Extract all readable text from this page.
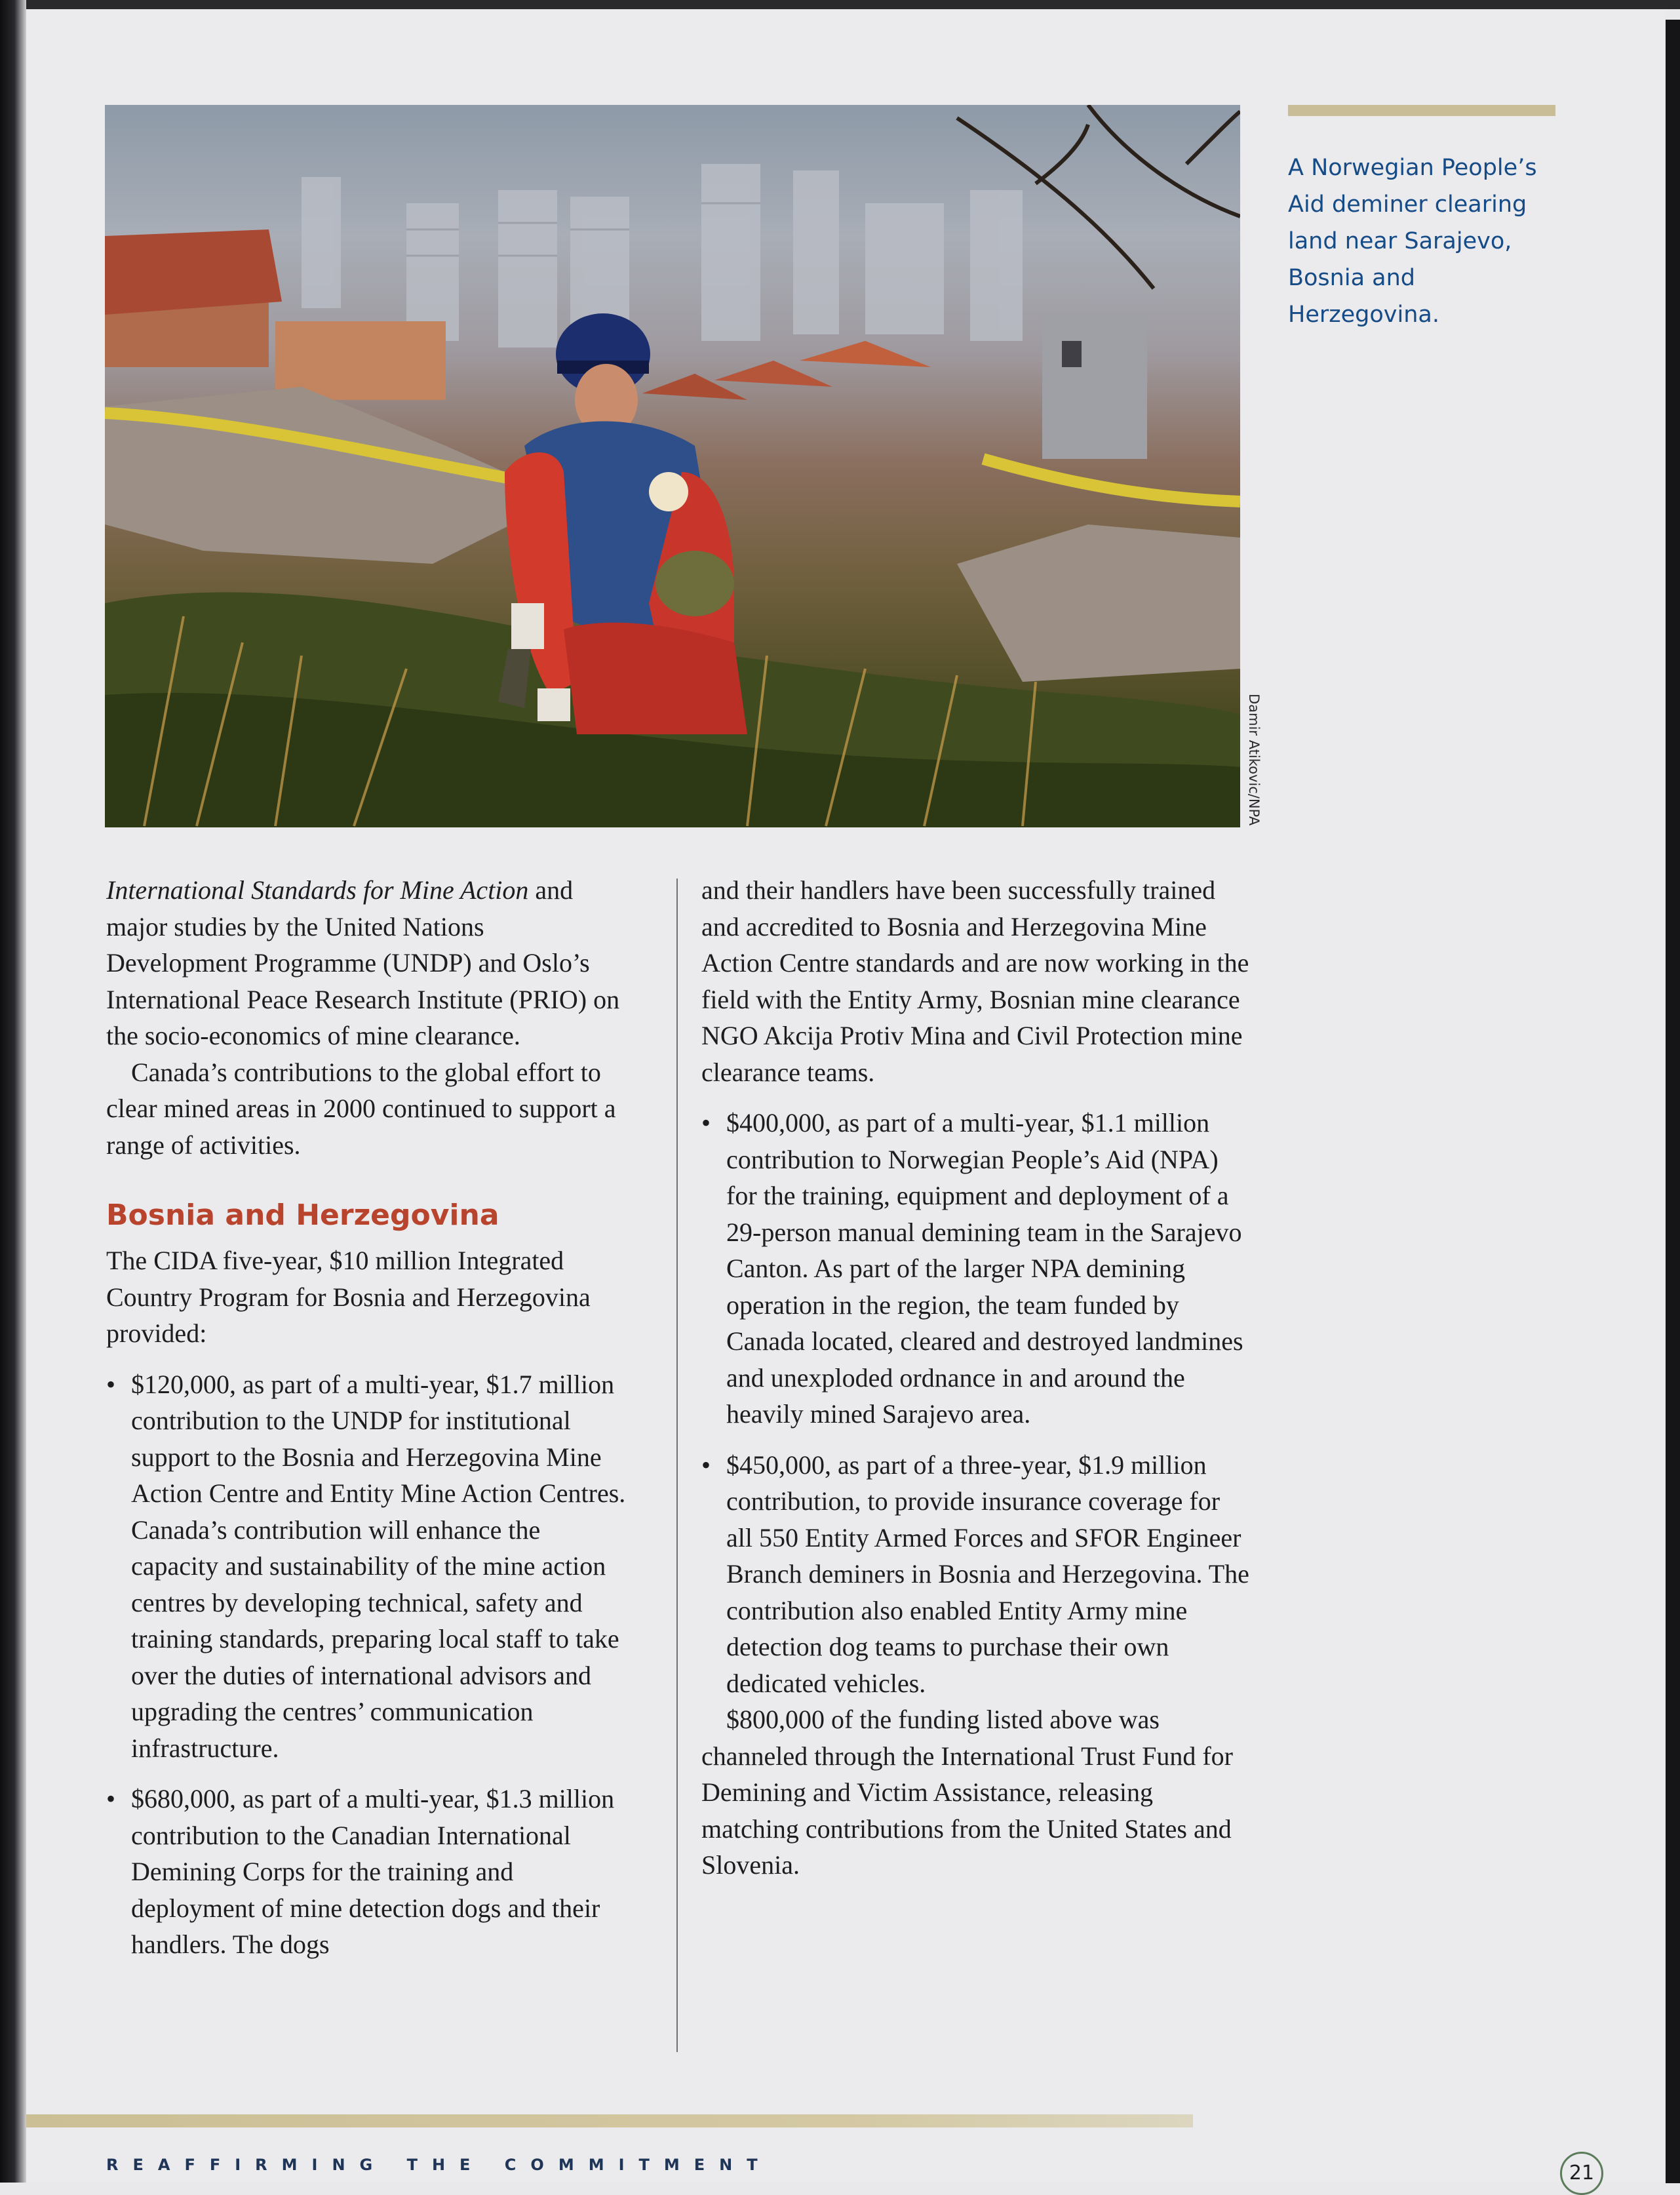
Damir Atikovic/NPA
A Norwegian People’s Aid deminer clearing land near Sarajevo, Bosnia and Herzegovina.

International Standards for Mine Action and major studies by the United Nations Development Programme (UNDP) and Oslo’s International Peace Research Institute (PRIO) on the socio-economics of mine clearance.

Canada’s contributions to the global effort to clear mined areas in 2000 continued to support a range of activities.

Bosnia and Herzegovina

The CIDA five-year, $10 million Integrated Country Program for Bosnia and Herzegovina provided:

• $120,000, as part of a multi-year, $1.7 million contribution to the UNDP for institutional support to the Bosnia and Herzegovina Mine Action Centre and Entity Mine Action Centres. Canada’s contribution will enhance the capacity and sustainability of the mine action centres by developing technical, safety and training standards, preparing local staff to take over the duties of international advisors and upgrading the centres’ communication infrastructure.
• $680,000, as part of a multi-year, $1.3 million contribution to the Canadian International Demining Corps for the training and deployment of mine detection dogs and their handlers. The dogs

and their handlers have been successfully trained and accredited to Bosnia and Herzegovina Mine Action Centre standards and are now working in the field with the Entity Army, Bosnian mine clearance NGO Akcija Protiv Mina and Civil Protection mine clearance teams.

• $400,000, as part of a multi-year, $1.1 million contribution to Norwegian People’s Aid (NPA) for the training, equipment and deployment of a 29-person manual demining team in the Sarajevo Canton. As part of the larger NPA demining operation in the region, the team funded by Canada located, cleared and destroyed landmines and unexploded ordnance in and around the heavily mined Sarajevo area.
• $450,000, as part of a three-year, $1.9 million contribution, to provide insurance coverage for all 550 Entity Armed Forces and SFOR Engineer Branch deminers in Bosnia and Herzegovina. The contribution also enabled Entity Army mine detection dog teams to purchase their own dedicated vehicles.

$800,000 of the funding listed above was channeled through the International Trust Fund for Demining and Victim Assistance, releasing matching contributions from the United States and Slovenia.

REAFFIRMING THE COMMITMENT	21
